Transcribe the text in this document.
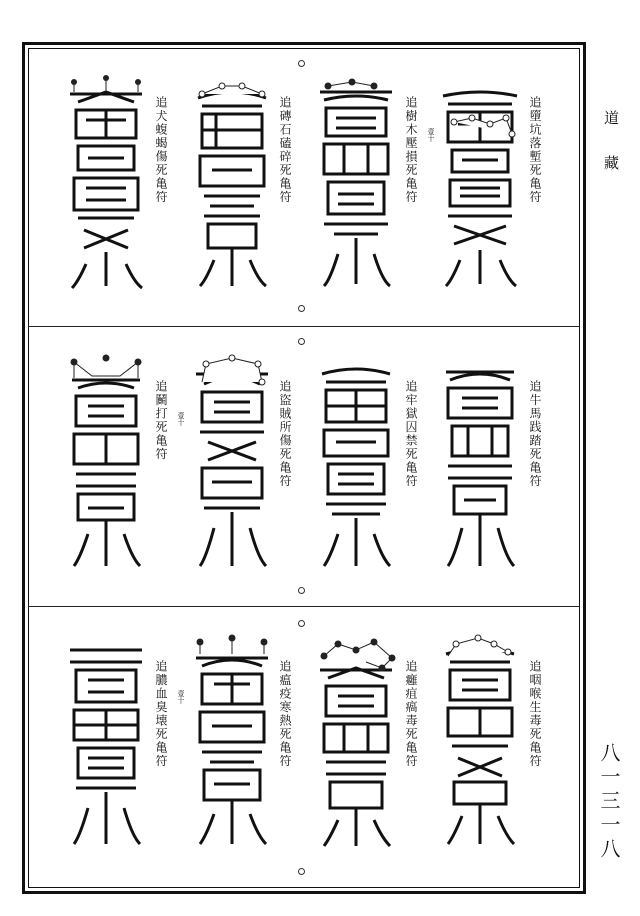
道藏
八一三一八
追墮坑落塹死亀符
追樹木壓損死亀符 壹十
追磚石磕碎死亀符
追犬蝮蝎傷死亀符
追牛馬践踏死亀符
追牢獄囚禁死亀符
追盜賊所傷死亀符
追鬭打死亀符 壹十
追咽喉生毒死亀符
追癰疽瘑毒死亀符
追瘟疫寒熱死亀符
追膿血臭壊死亀符 壹十
